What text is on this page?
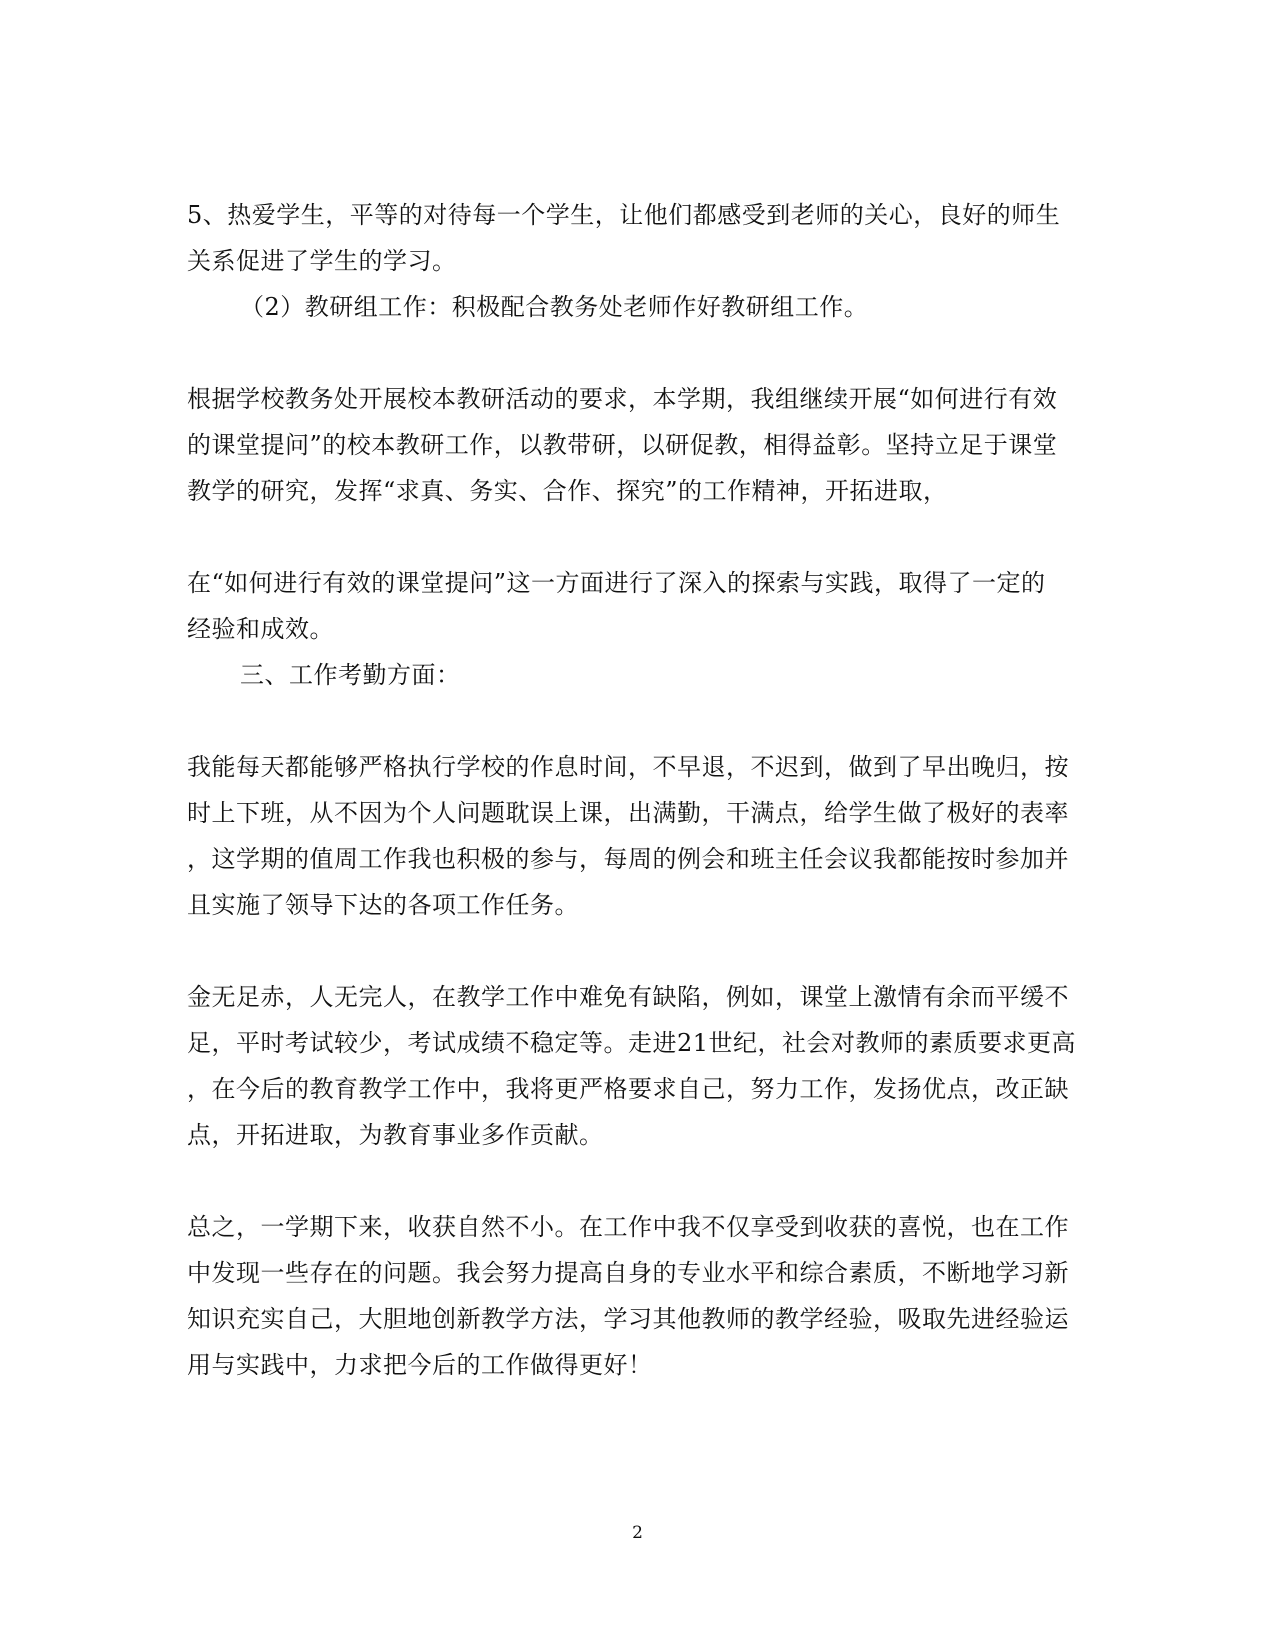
5、热爱学生，平等的对待每一个学生，让他们都感受到老师的关心，良好的师生
关系促进了学生的学习。
（2）教研组工作：积极配合教务处老师作好教研组工作。
根据学校教务处开展校本教研活动的要求，本学期，我组继续开展“如何进行有效
的课堂提问”的校本教研工作，以教带研，以研促教，相得益彰。坚持立足于课堂
教学的研究，发挥“求真、务实、合作、探究”的工作精神，开拓进取，
在“如何进行有效的课堂提问”这一方面进行了深入的探索与实践，取得了一定的
经验和成效。
三、工作考勤方面：
我能每天都能够严格执行学校的作息时间，不早退，不迟到，做到了早出晚归，按
时上下班，从不因为个人问题耽误上课，出满勤，干满点，给学生做了极好的表率
，这学期的值周工作我也积极的参与，每周的例会和班主任会议我都能按时参加并
且实施了领导下达的各项工作任务。
金无足赤，人无完人，在教学工作中难免有缺陷，例如，课堂上激情有余而平缓不
足，平时考试较少，考试成绩不稳定等。走进21世纪，社会对教师的素质要求更高
，在今后的教育教学工作中，我将更严格要求自己，努力工作，发扬优点，改正缺
点，开拓进取，为教育事业多作贡献。
总之，一学期下来，收获自然不小。在工作中我不仅享受到收获的喜悦，也在工作
中发现一些存在的问题。我会努力提高自身的专业水平和综合素质，不断地学习新
知识充实自己，大胆地创新教学方法，学习其他教师的教学经验，吸取先进经验运
用与实践中，力求把今后的工作做得更好！
2
